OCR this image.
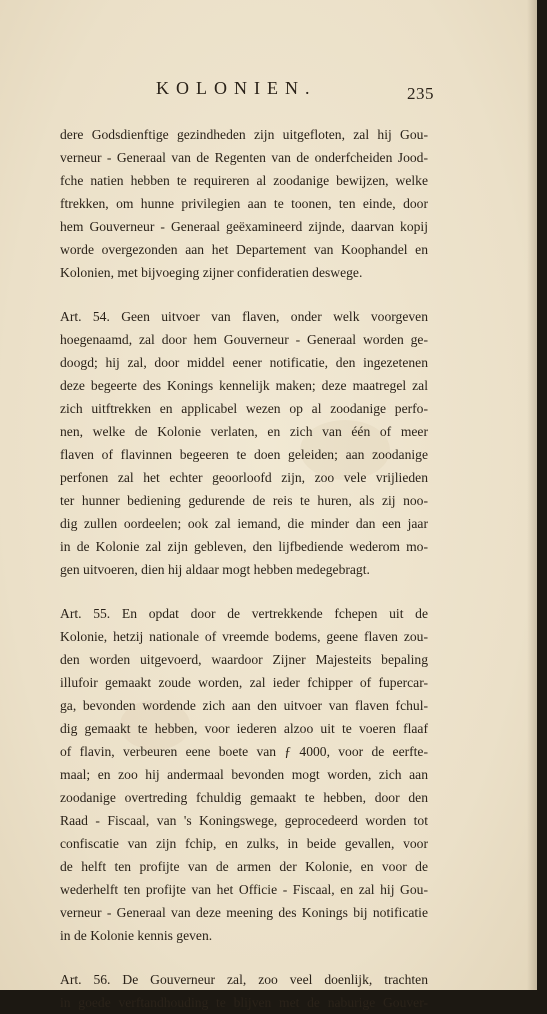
KOLONIEN.	235
dere Godsdienftige gezindheden zijn uitgefloten, zal hij Gou-
verneur - Generaal van de Regenten van de onderfcheiden Jood-
fche natien hebben te requireren al zoodanige bewijzen, welke
ftrekken, om hunne privilegien aan te toonen, ten einde, door
hem Gouverneur - Generaal geëxamineerd zijnde, daarvan kopij
worde overgezonden aan het Departement van Koophandel en
Kolonien, met bijvoeging zijner confideratien deswege.
Art. 54. Geen uitvoer van flaven, onder welk voorgeven
hoegenaamd, zal door hem Gouverneur - Generaal worden ge-
doogd; hij zal, door middel eener notificatie, den ingezetenen
deze begeerte des Konings kennelijk maken; deze maatregel zal
zich uitftrekken en applicabel wezen op al zoodanige perfo-
nen, welke de Kolonie verlaten, en zich van één of meer
flaven of flavinnen begeeren te doen geleiden; aan zoodanige
perfonen zal het echter geoorloofd zijn, zoo vele vrijlieden
ter hunner bediening gedurende de reis te huren, als zij noo-
dig zullen oordeelen; ook zal iemand, die minder dan een jaar
in de Kolonie zal zijn gebleven, den lijfbediende wederom mo-
gen uitvoeren, dien hij aldaar mogt hebben medegebragt.
Art. 55. En opdat door de vertrekkende fchepen uit de
Kolonie, hetzij nationale of vreemde bodems, geene flaven zou-
den worden uitgevoerd, waardoor Zijner Majesteits bepaling
illufoir gemaakt zoude worden, zal ieder fchipper of fupercar-
ga, bevonden wordende zich aan den uitvoer van flaven fchul-
dig gemaakt te hebben, voor iederen alzoo uit te voeren flaaf
of flavin, verbeuren eene boete van ƒ 4000, voor de eerfte-
maal; en zoo hij andermaal bevonden mogt worden, zich aan
zoodanige overtreding fchuldig gemaakt te hebben, door den
Raad - Fiscaal, van 's Koningswege, geprocedeerd worden tot
confiscatie van zijn fchip, en zulks, in beide gevallen, voor
de helft ten profijte van de armen der Kolonie, en voor de
wederhelft ten profijte van het Officie - Fiscaal, en zal hij Gou-
verneur - Generaal van deze meening des Konings bij notificatie
in de Kolonie kennis geven.
Art. 56. De Gouverneur zal, zoo veel doenlijk, trachten
in goede verftandhouding te blijven met de naburige Gouver-
